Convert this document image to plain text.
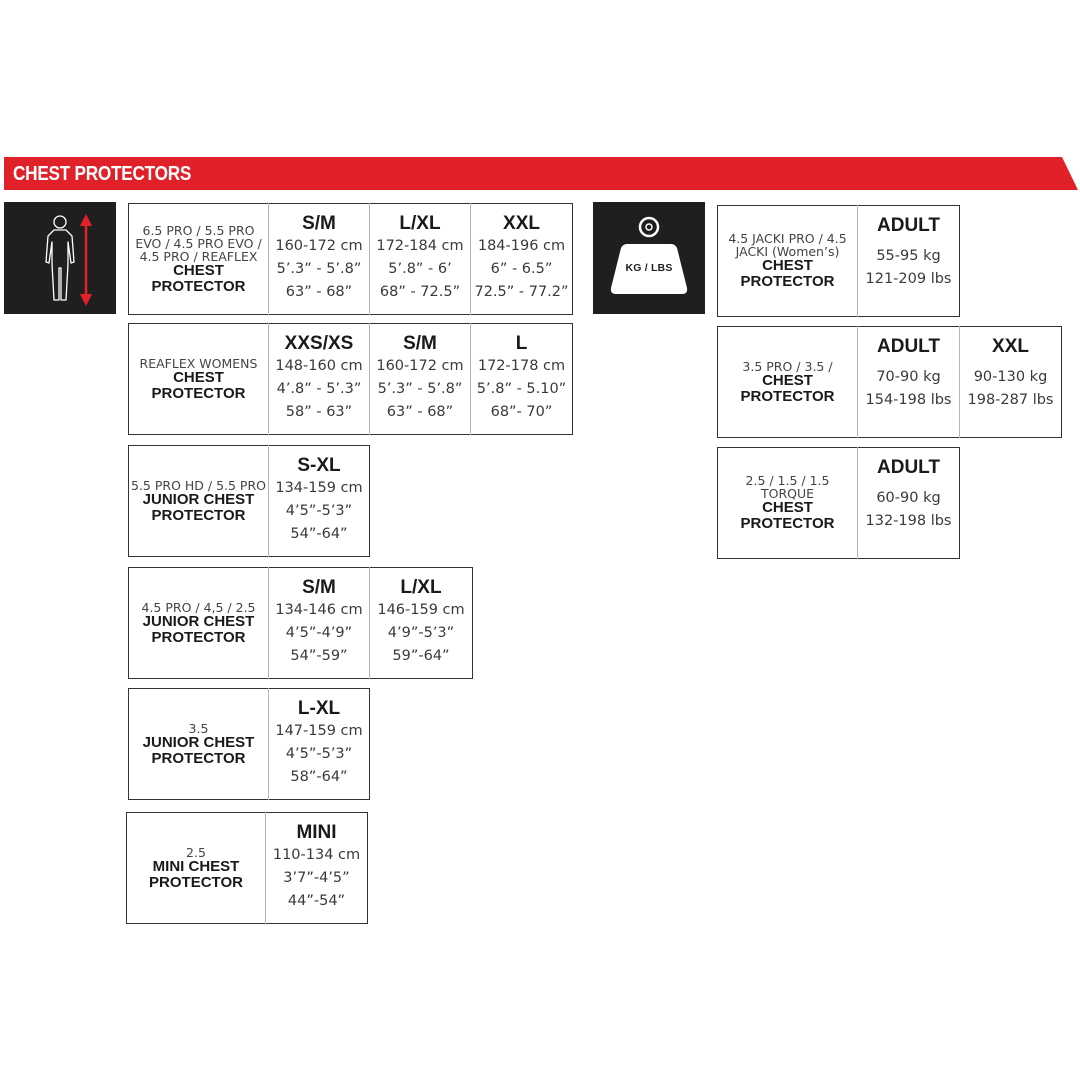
CHEST PROTECTORS
KG / LBS
6.5 PRO / 5.5 PRO EVO / 4.5 PRO EVO / 4.5 PRO / REAFLEX
CHEST PROTECTOR

S/M
160-172 cm
5’.3” - 5’.8”
63” - 68”

L/XL
172-184 cm
5’.8” - 6’
68” - 72.5”

XXL
184-196 cm
6” - 6.5”
72.5” - 77.2”
REAFLEX WOMENS
CHEST PROTECTOR

XXS/XS
148-160 cm
4’.8” - 5’.3”
58” - 63”

S/M
160-172 cm
5’.3” - 5’.8”
63” - 68”

L
172-178 cm
5’.8” - 5.10”
68”- 70”
5.5 PRO HD / 5.5 PRO
JUNIOR CHEST PROTECTOR

S-XL
134-159 cm
4’5”-5’3”
54”-64”
4.5 PRO / 4,5 / 2.5
JUNIOR CHEST PROTECTOR

S/M
134-146 cm
4’5”-4’9”
54”-59”

L/XL
146-159 cm
4’9”-5’3”
59”-64”
3.5
JUNIOR CHEST PROTECTOR

L-XL
147-159 cm
4’5”-5’3”
58”-64”
2.5
MINI CHEST PROTECTOR

MINI
110-134 cm
3’7”-4’5”
44”-54”
4.5 JACKI PRO / 4.5 JACKI (Women’s)
CHEST PROTECTOR

ADULT
55-95 kg
121-209 lbs
3.5 PRO / 3.5 /
CHEST PROTECTOR

ADULT
70-90 kg
154-198 lbs

XXL
90-130 kg
198-287 lbs
2.5 / 1.5 / 1.5 TORQUE
CHEST PROTECTOR

ADULT
60-90 kg
132-198 lbs
